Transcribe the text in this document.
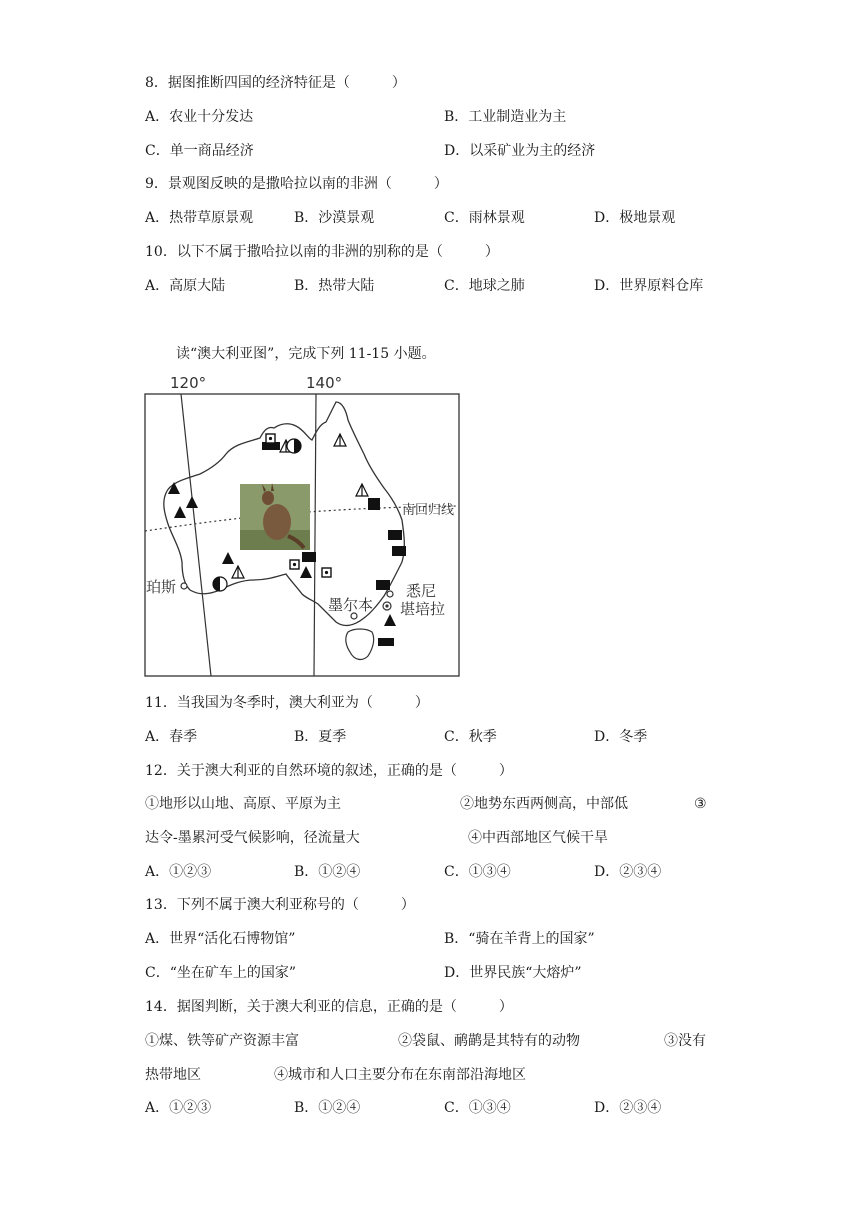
8．据图推断四国的经济特征是（　　　）
A．农业十分发达	B．工业制造业为主
C．单一商品经济	D．以采矿业为主的经济
9．景观图反映的是撒哈拉以南的非洲（　　　）
A．热带草原景观	B．沙漠景观	C．雨林景观	D．极地景观
10．以下不属于撒哈拉以南的非洲的别称的是（　　　）
A．高原大陆	B．热带大陆	C．地球之肺	D．世界原料仓库
读“澳大利亚图”，完成下列 11-15 小题。
120°	140°
南回归线
珀斯
墨尔本
悉尼
堪培拉
11．当我国为冬季时，澳大利亚为（　　　）
A．春季	B．夏季	C．秋季	D．冬季
12．关于澳大利亚的自然环境的叙述，正确的是（　　　）
①地形以山地、高原、平原为主	②地势东西两侧高，中部低	③
达令-墨累河受气候影响，径流量大	④中西部地区气候干旱
A．①②③	B．①②④	C．①③④	D．②③④
13．下列不属于澳大利亚称号的（　　　）
A．世界“活化石博物馆”	B．“骑在羊背上的国家”
C．“坐在矿车上的国家”	D．世界民族“大熔炉”
14．据图判断，关于澳大利亚的信息，正确的是（　　　）
①煤、铁等矿产资源丰富	②袋鼠、鸸鹋是其特有的动物	③没有
热带地区	④城市和人口主要分布在东南部沿海地区
A．①②③	B．①②④	C．①③④	D．②③④
